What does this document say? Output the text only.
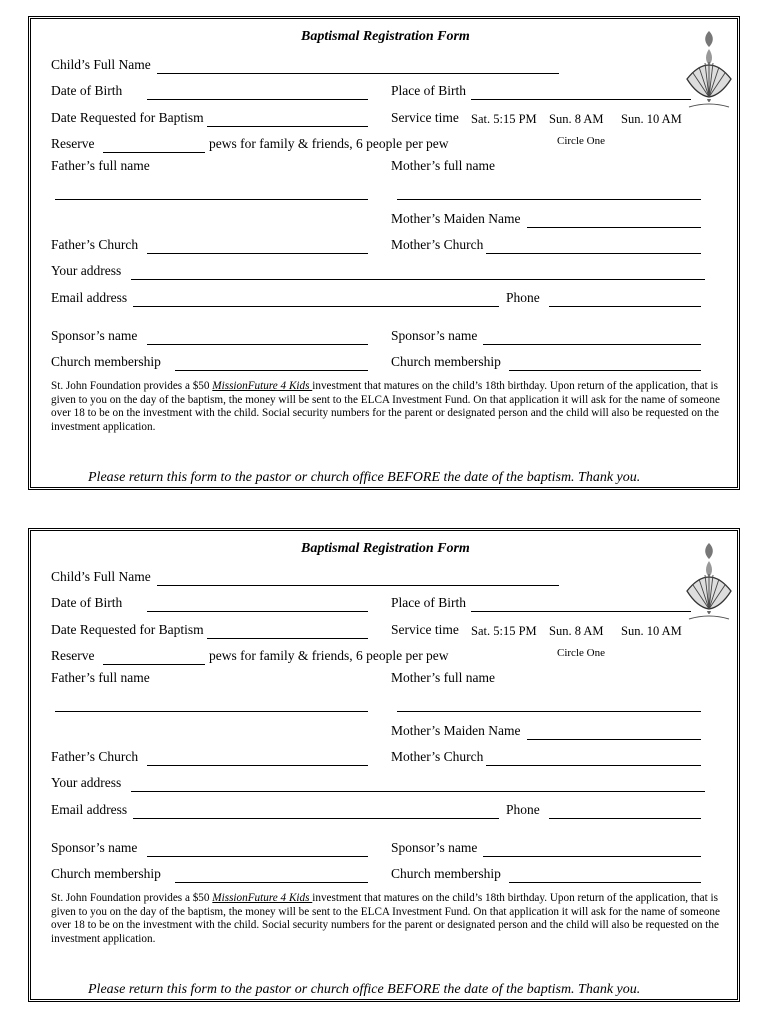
Baptismal Registration Form
Child’s Full Name
Date of Birth	Place of Birth
Date Requested for Baptism	Service time Sat. 5:15 PM Sun. 8 AM Sun. 10 AM
Reserve	pews for family & friends, 6 people per pew	Circle One
Father’s full name	Mother’s full name
Mother’s Maiden Name
Father’s Church	Mother’s Church
Your address
Email address	Phone
Sponsor’s name	Sponsor’s name
Church membership	Church membership
St. John Foundation provides a $50 MissionFuture 4 Kids investment that matures on the child’s 18th birthday. Upon return of the application, that is given to you on the day of the baptism, the money will be sent to the ELCA Investment Fund. On that application it will ask for the name of someone over 18 to be on the investment with the child. Social security numbers for the parent or designated person and the child will also be requested on the investment application.
Please return this form to the pastor or church office BEFORE the date of the baptism. Thank you.
Baptismal Registration Form
Child’s Full Name
Date of Birth	Place of Birth
Date Requested for Baptism	Service time Sat. 5:15 PM Sun. 8 AM Sun. 10 AM
Reserve	pews for family & friends, 6 people per pew	Circle One
Father’s full name	Mother’s full name
Mother’s Maiden Name
Father’s Church	Mother’s Church
Your address
Email address	Phone
Sponsor’s name	Sponsor’s name
Church membership	Church membership
St. John Foundation provides a $50 MissionFuture 4 Kids investment that matures on the child’s 18th birthday. Upon return of the application, that is given to you on the day of the baptism, the money will be sent to the ELCA Investment Fund. On that application it will ask for the name of someone over 18 to be on the investment with the child. Social security numbers for the parent or designated person and the child will also be requested on the investment application.
Please return this form to the pastor or church office BEFORE the date of the baptism. Thank you.
